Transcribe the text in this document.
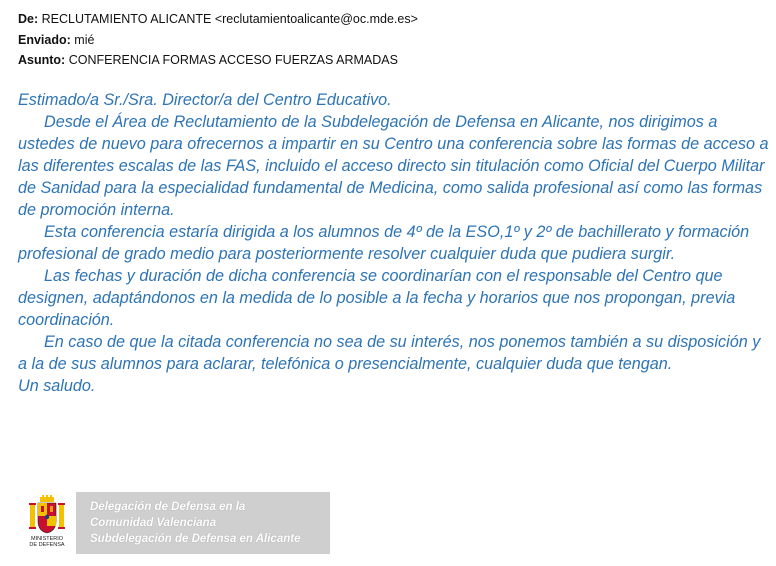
De: RECLUTAMIENTO ALICANTE <reclutamientoalicante@oc.mde.es>
Enviado: mié
Asunto: CONFERENCIA FORMAS ACCESO FUERZAS ARMADAS

Estimado/a Sr./Sra. Director/a del Centro Educativo.

Desde el Área de Reclutamiento de la Subdelegación de Defensa en Alicante, nos dirigimos a ustedes de nuevo para ofrecernos a impartir en su Centro una conferencia sobre las formas de acceso a las diferentes escalas de las FAS, incluido el acceso directo sin titulación como Oficial del Cuerpo Militar de Sanidad para la especialidad fundamental de Medicina, como salida profesional así como las formas de promoción interna.

Esta conferencia estaría dirigida a los alumnos de 4º de la ESO,1º y 2º de bachillerato y formación profesional de grado medio para posteriormente resolver cualquier duda que pudiera surgir.

Las fechas y duración de dicha conferencia se coordinarían con el responsable del Centro que designen, adaptándonos en la medida de lo posible a la fecha y horarios que nos propongan, previa coordinación.

En caso de que la citada conferencia no sea de su interés, nos ponemos también a su disposición y a la de sus alumnos para aclarar, telefónica o presencialmente, cualquier duda que tengan.

Un saludo.

MINISTERIO
DE DEFENSA
Delegación de Defensa en la
Comunidad Valenciana
Subdelegación de Defensa en Alicante
